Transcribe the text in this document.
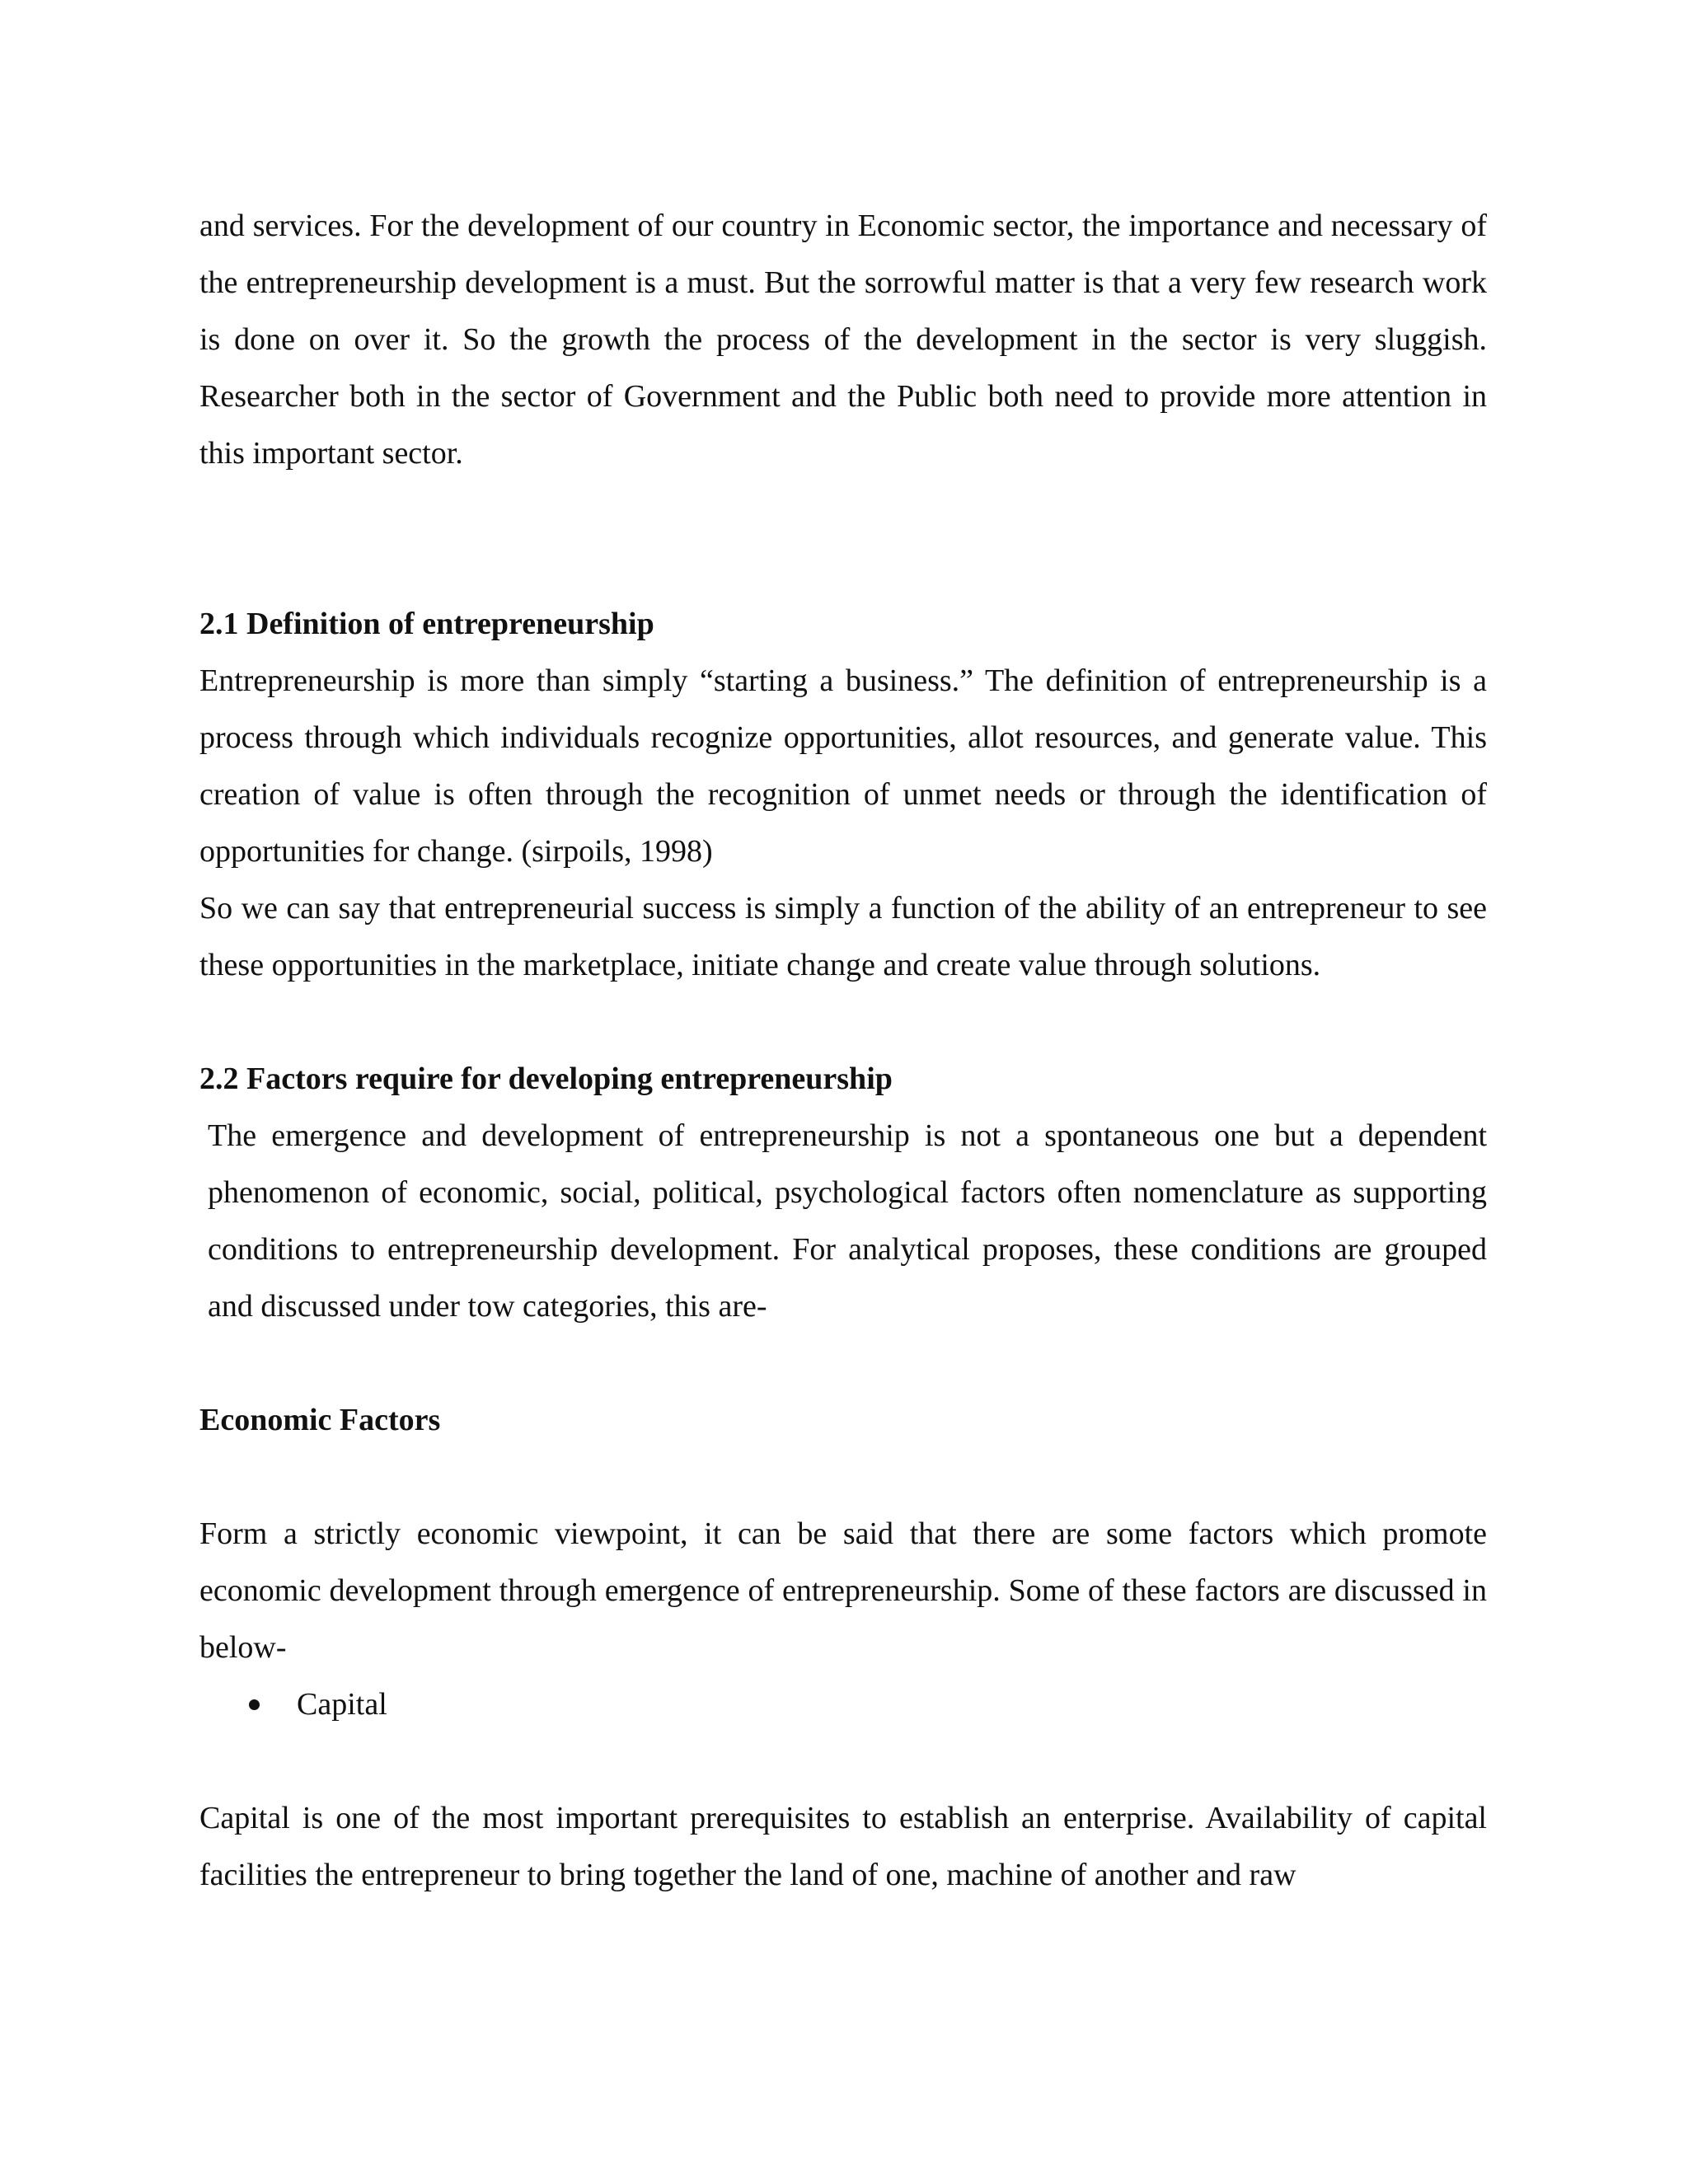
and services. For the development of our country in Economic sector, the importance and necessary of the entrepreneurship development is a must. But the sorrowful matter is that a very few research work is done on over it. So the growth the process of the development in the sector is very sluggish. Researcher both in the sector of Government and the Public both need to provide more attention in this important sector.

2.1 Definition of entrepreneurship

Entrepreneurship is more than simply “starting a business.” The definition of entrepreneurship is a process through which individuals recognize opportunities, allot resources, and generate value. This creation of value is often through the recognition of unmet needs or through the identification of opportunities for change. (sirpoils, 1998)

So we can say that entrepreneurial success is simply a function of the ability of an entrepreneur to see these opportunities in the marketplace, initiate change and create value through solutions.

2.2 Factors require for developing entrepreneurship

The emergence and development of entrepreneurship is not a spontaneous one but a dependent phenomenon of economic, social, political, psychological factors often nomenclature as supporting conditions to entrepreneurship development. For analytical proposes, these conditions are grouped and discussed under tow categories, this are-

Economic Factors

Form a strictly economic viewpoint, it can be said that there are some factors which promote economic development through emergence of entrepreneurship. Some of these factors are discussed in below-

Capital

Capital is one of the most important prerequisites to establish an enterprise. Availability of capital facilities the entrepreneur to bring together the land of one, machine of another and raw
